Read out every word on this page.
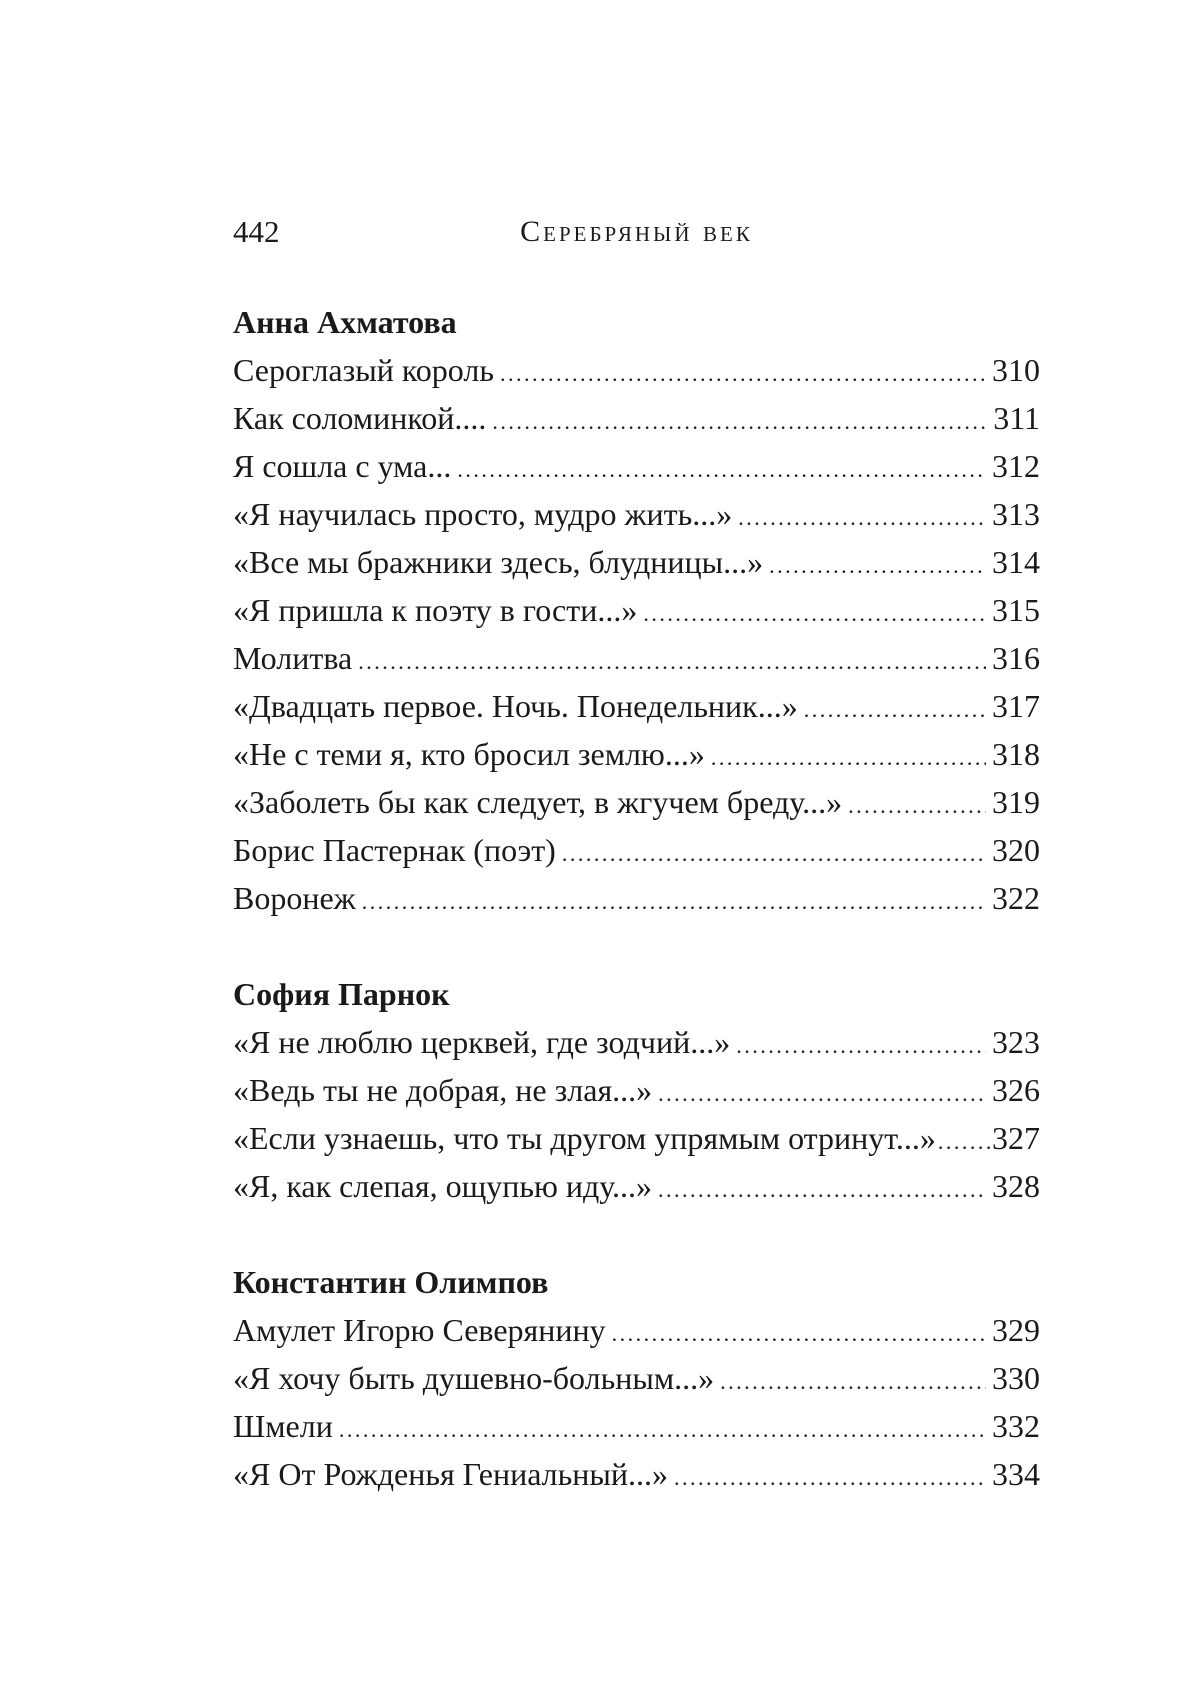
442	Серебряный век
Анна Ахматова
Сероглазый король . . .	310
Как соломинкой.... . . .	311
Я сошла с ума... . . .	312
«Я научилась просто, мудро жить...» . . .	313
«Все мы бражники здесь, блудницы...» . . .	314
«Я пришла к поэту в гости...» . . .	315
Молитва . . .	316
«Двадцать первое. Ночь. Понедельник...» . . .	317
«Не с теми я, кто бросил землю...» . . .	318
«Заболеть бы как следует, в жгучем бреду...» . . .	319
Борис Пастернак (поэт) . . .	320
Воронеж . . .	322
София Парнок
«Я не люблю церквей, где зодчий...» . . .	323
«Ведь ты не добрая, не злая...» . . .	326
«Если узнаешь, что ты другом упрямым отринут...» . . . 327
«Я, как слепая, ощупью иду...» . . .	328
Константин Олимпов
Амулет Игорю Северянину . . .	329
«Я хочу быть душевно-больным...» . . .	330
Шмели . . .	332
«Я От Рожденья Гениальный...» . . .	334
